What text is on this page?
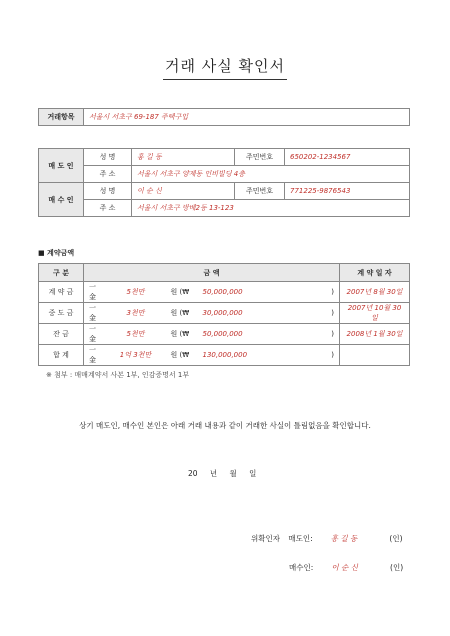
거래 사실 확인서
거래항목	서울시 서초구 69-187 주택구입
매 도 인	성 명	홍 길 동	주민번호	650202-1234567
	주 소	서울시 서초구 양재동 인비빌딩 4층		
매 수 인	성 명	이 순 신	주민번호	771225-9876543
	주 소	서울시 서초구 방배2동 13-123		
■ 계약금액
구 분	금 액					계 약 일 자
계 약 금	一金	5천만	원 (₩	50,000,000	)	2007년 8월 30일
중 도 금	一金	3천만	원 (₩	30,000,000	)	2007년 10월 30일
잔 금	一金	5천만	원 (₩	50,000,000	)	2008년 1월 30일
합 계	一金	1억 3천만	원 (₩	130,000,000	)	
※ 첨부 : 매매계약서 사본 1부, 인감증명서 1부
상기 매도인, 매수인 본인은 아래 거래 내용과 같이 거래한 사실이 틀림없음을 확인합니다.
20 년 월 일
위확인자 매도인: 홍 길 동	(인)
매수인: 이 순 신	(인)
